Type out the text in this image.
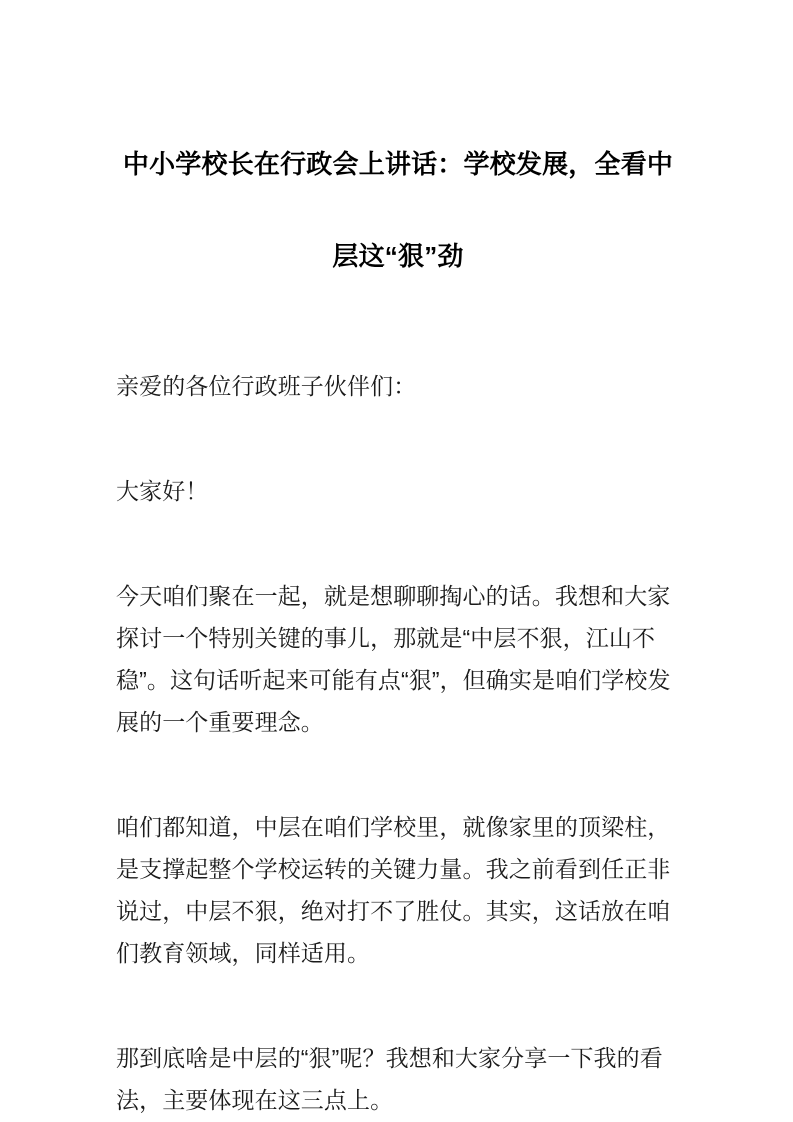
中小学校长在行政会上讲话：学校发展，全看中层这“狠”劲

亲爱的各位行政班子伙伴们：

大家好！

今天咱们聚在一起，就是想聊聊掏心的话。我想和大家探讨一个特别关键的事儿，那就是“中层不狠，江山不稳”。这句话听起来可能有点“狠”，但确实是咱们学校发展的一个重要理念。

咱们都知道，中层在咱们学校里，就像家里的顶梁柱，是支撑起整个学校运转的关键力量。我之前看到任正非说过，中层不狠，绝对打不了胜仗。其实，这话放在咱们教育领域，同样适用。

那到底啥是中层的“狠”呢？我想和大家分享一下我的看法，主要体现在这三点上。
